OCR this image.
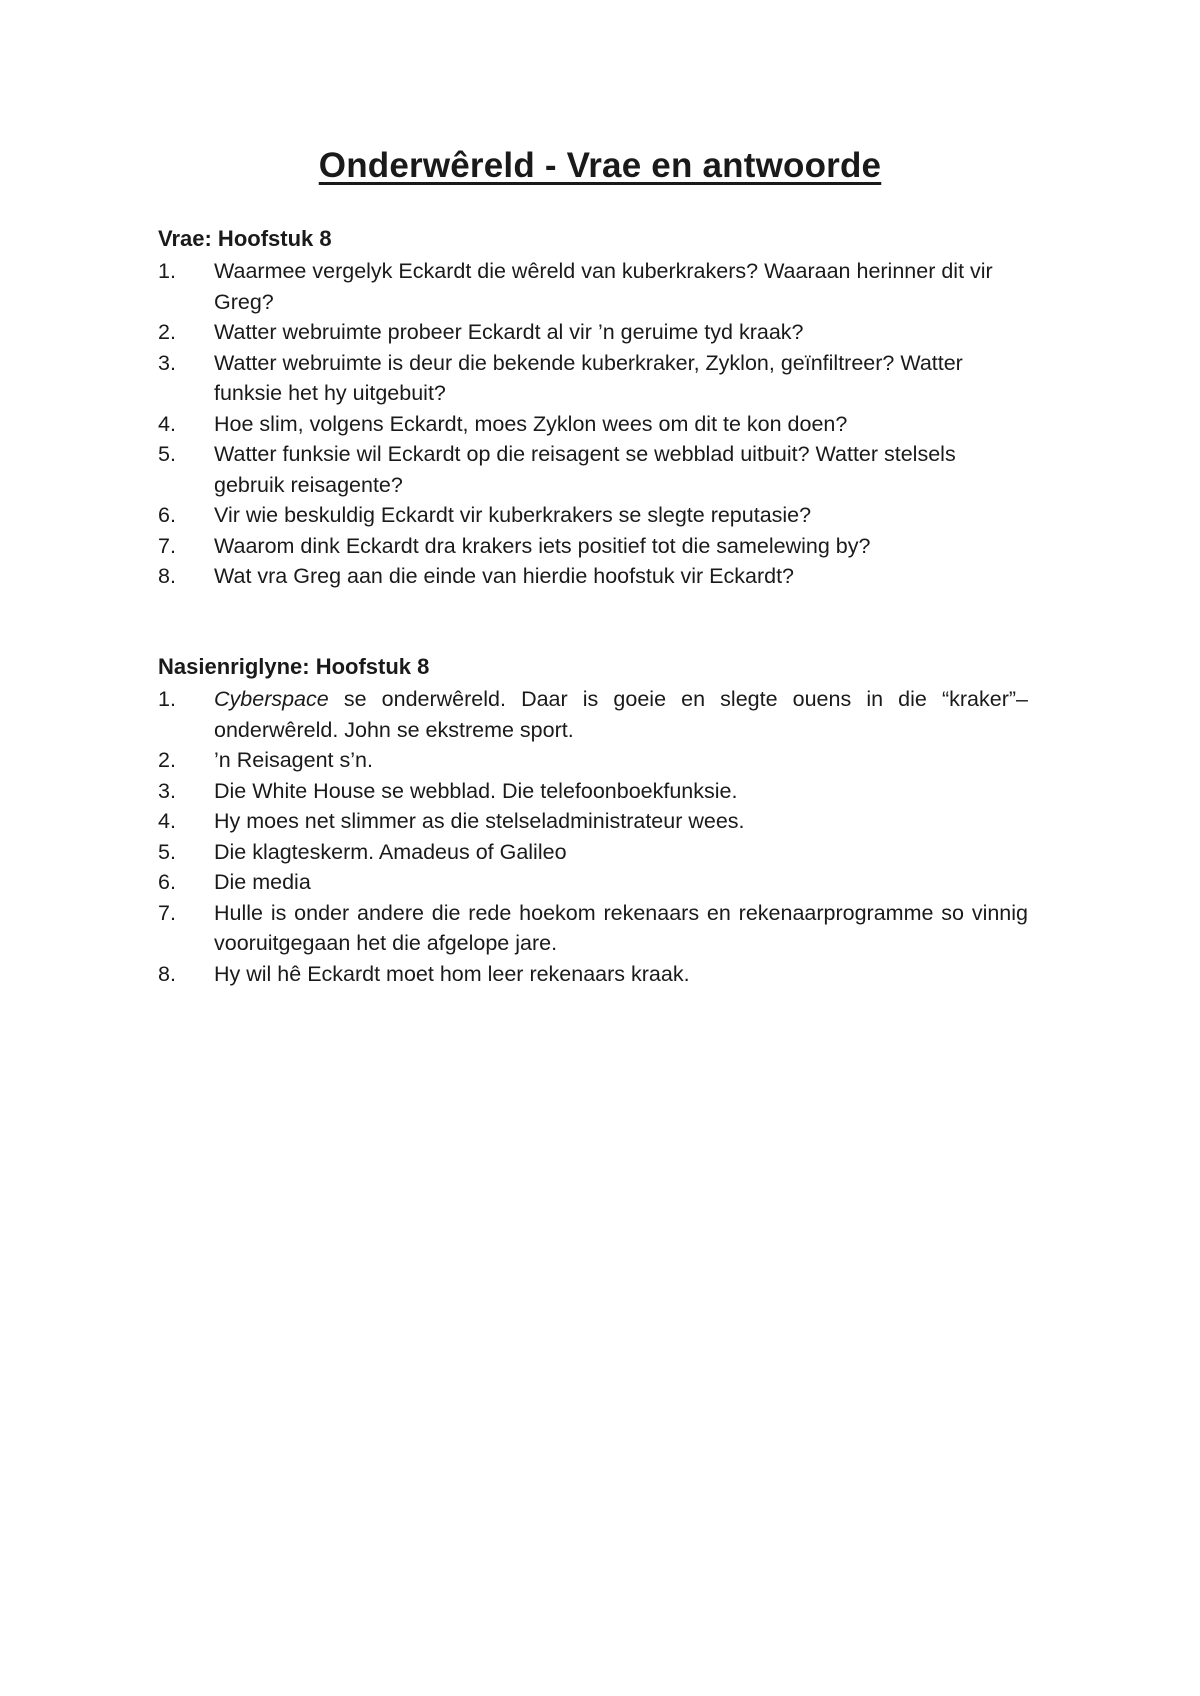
Onderwêreld - Vrae en antwoorde
Vrae: Hoofstuk 8
1. Waarmee vergelyk Eckardt die wêreld van kuberkrakers? Waaraan herinner dit vir Greg?
2. Watter webruimte probeer Eckardt al vir ’n geruime tyd kraak?
3. Watter webruimte is deur die bekende kuberkraker, Zyklon, geïnfiltreer? Watter funksie het hy uitgebuit?
4. Hoe slim, volgens Eckardt, moes Zyklon wees om dit te kon doen?
5. Watter funksie wil Eckardt op die reisagent se webblad uitbuit? Watter stelsels gebruik reisagente?
6. Vir wie beskuldig Eckardt vir kuberkrakers se slegte reputasie?
7. Waarom dink Eckardt dra krakers iets positief tot die samelewing by?
8. Wat vra Greg aan die einde van hierdie hoofstuk vir Eckardt?
Nasienriglyne: Hoofstuk 8
1. Cyberspace se onderwêreld. Daar is goeie en slegte ouens in die “kraker”–onderwêreld. John se ekstreme sport.
2. ’n Reisagent s’n.
3. Die White House se webblad. Die telefoonboekfunksie.
4. Hy moes net slimmer as die stelseladministrateur wees.
5. Die klagteskerm. Amadeus of Galileo
6. Die media
7. Hulle is onder andere die rede hoekom rekenaars en rekenaarprogramme so vinnig vooruitgegaan het die afgelope jare.
8. Hy wil hê Eckardt moet hom leer rekenaars kraak.
